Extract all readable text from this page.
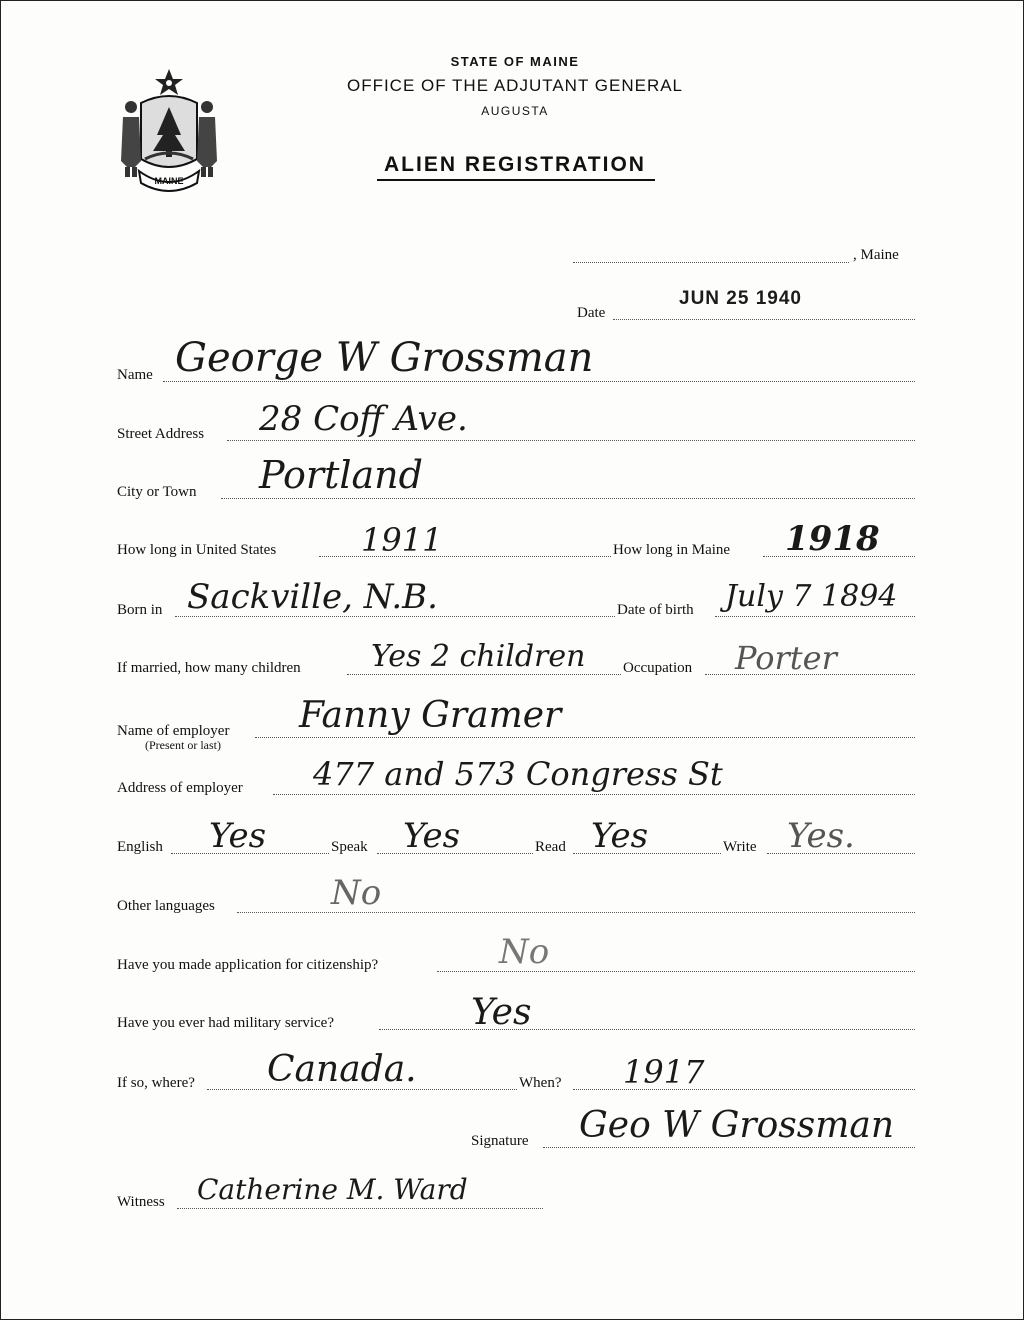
MAINE
STATE OF MAINE
OFFICE OF THE ADJUTANT GENERAL
AUGUSTA
ALIEN REGISTRATION
, Maine
Date
JUN 25 1940
Name George W Grossman
Street Address 28 Coff Ave.
City or Town Portland
How long in United States	1911	How long in Maine 1918
Born in Sackville, N.B.	Date of birth July 7 1894
If married, how many children Yes 2 children	Occupation Porter
Name of employer
(Present or last)
Fanny Gramer
Address of employer 477 and 573 Congress St
English Yes	Speak Yes	Read Yes	Write Yes.
Other languages	No
Have you made application for citizenship?	No
Have you ever had military service?	Yes
If so, where? Canada.	When? 1917
Signature Geo W Grossman
Witness Catherine M. Ward
